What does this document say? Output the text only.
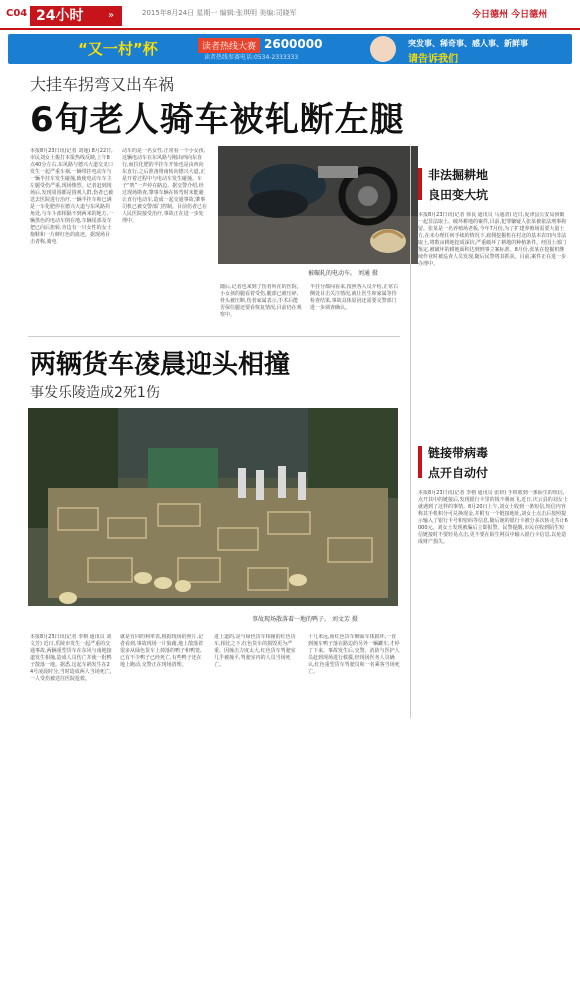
C04 24小时	»	2015年8月24日 星期一 编辑:张琪明 美编:司晓军	今日德州 今日德州
“又一村”杯	读者热线大赛 2600000
读者热线参赛电话:0534-2333333
突发事、稀奇事、感人事、新鲜事
请告诉我们
大挂车拐弯又出车祸
6旬老人骑车被轧断左腿
本报8月23日讯(记者 刘通) 8月22日,市民刘女士拨打本报热线反映,上午8点40分左右,东风路与德兴大道交叉口发生一起严重车祸,一辆带挂电动车与一辆半挂车发生碰撞,致使电动车车主左腿受伤严重,现场惨烈。记者赶到现场后,发现周围都是围观人群,伤者已被送去医院进行治疗,一辆半挂车和已满是一车化肥停在德兴大道与东风路拐角处,与车斗部相隔不到两米的地方,一辆黑色的电动车倒在地,车辆尾部及车把已向后扭转,旁边有一只女性的女士拖鞋和一片鲜红色的血迹。据现场目击者称,骑电
动车的是一名女性,正常看一个小女孩,这辆电动车在东风路与刚由西向东直行,而拉化肥的半挂车开始也是由西向东直行,之后准备将南转向德兴大道,正是开着过程中与电动车发生碰撞。车子“咣”一声停在路边。据交警介绍,经过现场勘查,肇事车辆在转弯时未能避让直行电动车,造成一起交通事故,肇事司机已被交警部门控制。目前伤者已在人民医院接受治疗,事故正在进一步处理中。
被碾轧的电动车。 刘通 摄
随后,记者也来到了伤者所在的医院。小女孩的腿看着受伤,腿部已被压碎,骨头被压断,伤者家属表示,手术后能否保住腿还要看恢复情况,目前仍在观察中。
半挂分都闯看来,按照各人员介绍,正常右侧处目击关注情况,就让医生和家属等待检查结果,事故具体原因还需要交警部门进一步调查确认。
两辆货车凌晨迎头相撞
事发乐陵造成2死1伤
事故现场散落着一地的鸭子。 刘文芳 摄
本报8月23日讯(记者 李榕 通讯员 刘文芳) 近日,乐陵市发生一起严重的交通事故,两辆重型货车在东风与南地接道发生相撞,造成人员伤亡并使一批鸭子散落一地。据悉,这起车祸发生在24号凌晨时分,当时造成两人当场死亡,一人受伤被送往医院抢救。
就是有同的利率表,根据现场的照片,记者看到,事故现场一片狼藉,地上散落着很多从绿色货车上掉落的鸭子和鸭笼,已有不少鸭子已经死亡,有些鸭子还在地上跑动,交警正在现场清理。
进上道的,是与绿色货车相撞的红色货车,相比之下,红色货车的损毁更为严重。因撞击力度太大,红色货车驾驶室几乎被撞平,驾驶室内的人员当场死亡。
十几米远,而红色货车侧面车体损坏,一直到撞车鸭子落在路边的另外一辆罐车,才停了下来。事故发生后,交警、消防与医护人员赶到现场进行救援,经现场医务人员确认,红色重型货车驾驶员和一名乘客当场死亡。
非法掘耕地
良田变大坑
本报8月23日讯(记者 徐良 通讯员 马通清) 近日,夏津县公安局侦破一起非法取土、破坏耕地的案件,目前,犯罪嫌疑人张某被依法刑事拘留。张某是一名养殖场老板,今年7月份,为了扩建养殖场需要大量土方,在未办理任何手续的情况下,雇佣挖掘机在村北的基本农田内非法取土,将数亩耕地挖成深坑,严重破坏了耕地的种植条件。经国土部门鉴定,被破坏的耕地面积达到刑事立案标准。8月份,张某在挖掘机继续作业时被巡查人员发现,随后民警将其抓获。目前,案件正在进一步办理中。
链接带病毒
点开自动付
本报8月23日讯(记者 李榕 通讯员 张妍) 手机收到一条陌生的短信,点开其中的链接后,发现银行卡里的钱不翼而飞,近日,庆云县的刘女士就遇到了这样的事情。8月20日上午,刘女士收到一条短信,短信内容称其手机积分可兑换现金,并附有一个链接地址,刘女士点击后按照提示输入了银行卡号和密码等信息,随后她的银行卡被分多次转走共计6000元。刘女士发现被骗后立即报警。民警提醒,市民在收到陌生短信链接时不要轻易点击,更不要在陌生网页中输入银行卡信息,以免造成财产损失。
